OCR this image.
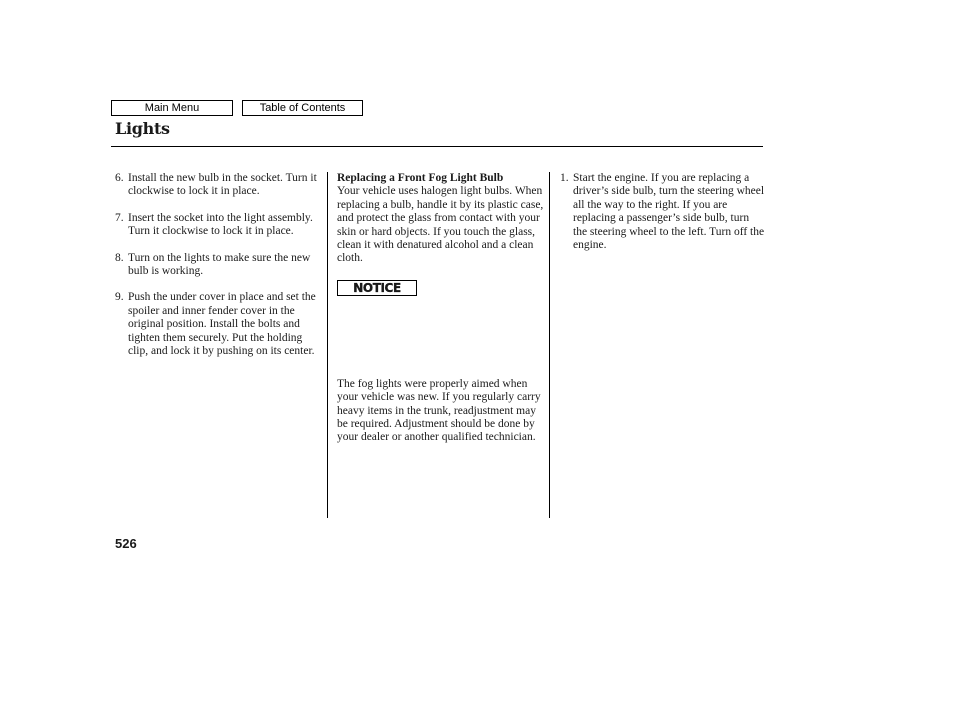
Main Menu	Table of Contents
Lights
6. Install the new bulb in the socket. Turn it clockwise to lock it in place.
7. Insert the socket into the light assembly. Turn it clockwise to lock it in place.
8. Turn on the lights to make sure the new bulb is working.
9. Push the under cover in place and set the spoiler and inner fender cover in the original position. Install the bolts and tighten them securely. Put the holding clip, and lock it by pushing on its center.
Replacing a Front Fog Light Bulb

Your vehicle uses halogen light bulbs. When replacing a bulb, handle it by its plastic case, and protect the glass from contact with your skin or hard objects. If you touch the glass, clean it with denatured alcohol and a clean cloth.

NOTICE

The fog lights were properly aimed when your vehicle was new. If you regularly carry heavy items in the trunk, readjustment may be required. Adjustment should be done by your dealer or another qualified technician.

1. Start the engine. If you are replacing a driver’s side bulb, turn the steering wheel all the way to the right. If you are replacing a passenger’s side bulb, turn the steering wheel to the left. Turn off the engine.
526
